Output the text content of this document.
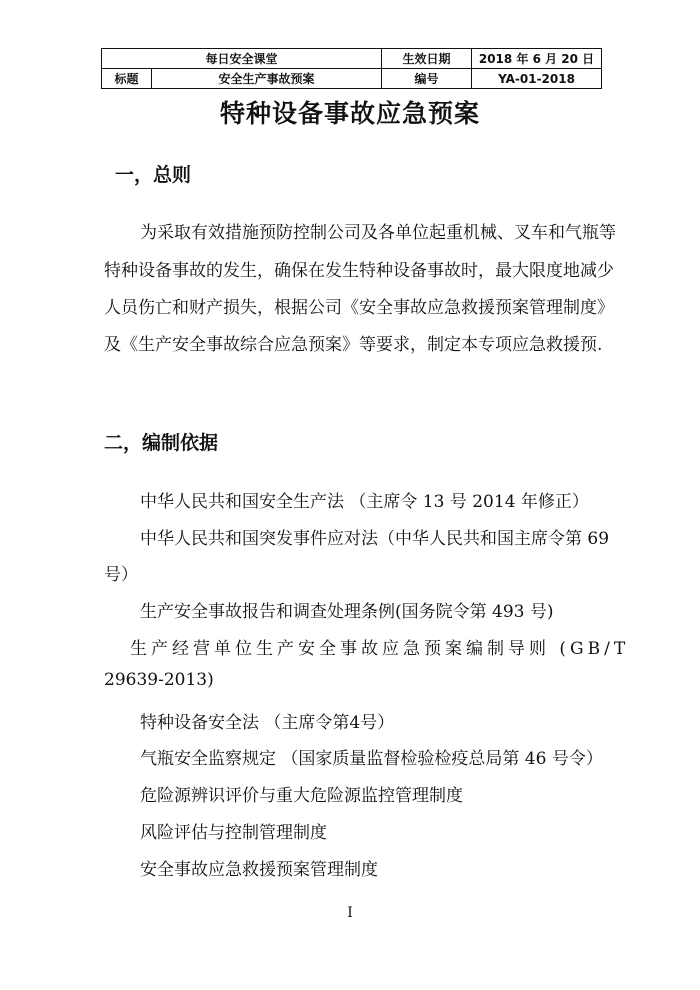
每日安全课堂		生效日期	2018 年 6 月 20 日
标题	安全生产事故预案	编号	YA-01-2018
特种设备事故应急预案
一，总则
为采取有效措施预防控制公司及各单位起重机械、叉车和气瓶等
特种设备事故的发生，确保在发生特种设备事故时，最大限度地减少
人员伤亡和财产损失，根据公司《安全事故应急救援预案管理制度》
及《生产安全事故综合应急预案》等要求，制定本专项应急救援预.
二，编制依据
中华人民共和国安全生产法 （主席令 13 号 2014 年修正）
中华人民共和国突发事件应对法（中华人民共和国主席令第 69
号）
生产安全事故报告和调查处理条例(国务院令第 493 号)
生产经营单位生产安全事故应急预案编制导则 (GB/T
29639-2013)
特种设备安全法 （主席令第4号）
气瓶安全监察规定 （国家质量监督检验检疫总局第 46 号令）
危险源辨识评价与重大危险源监控管理制度
风险评估与控制管理制度
安全事故应急救援预案管理制度
I
